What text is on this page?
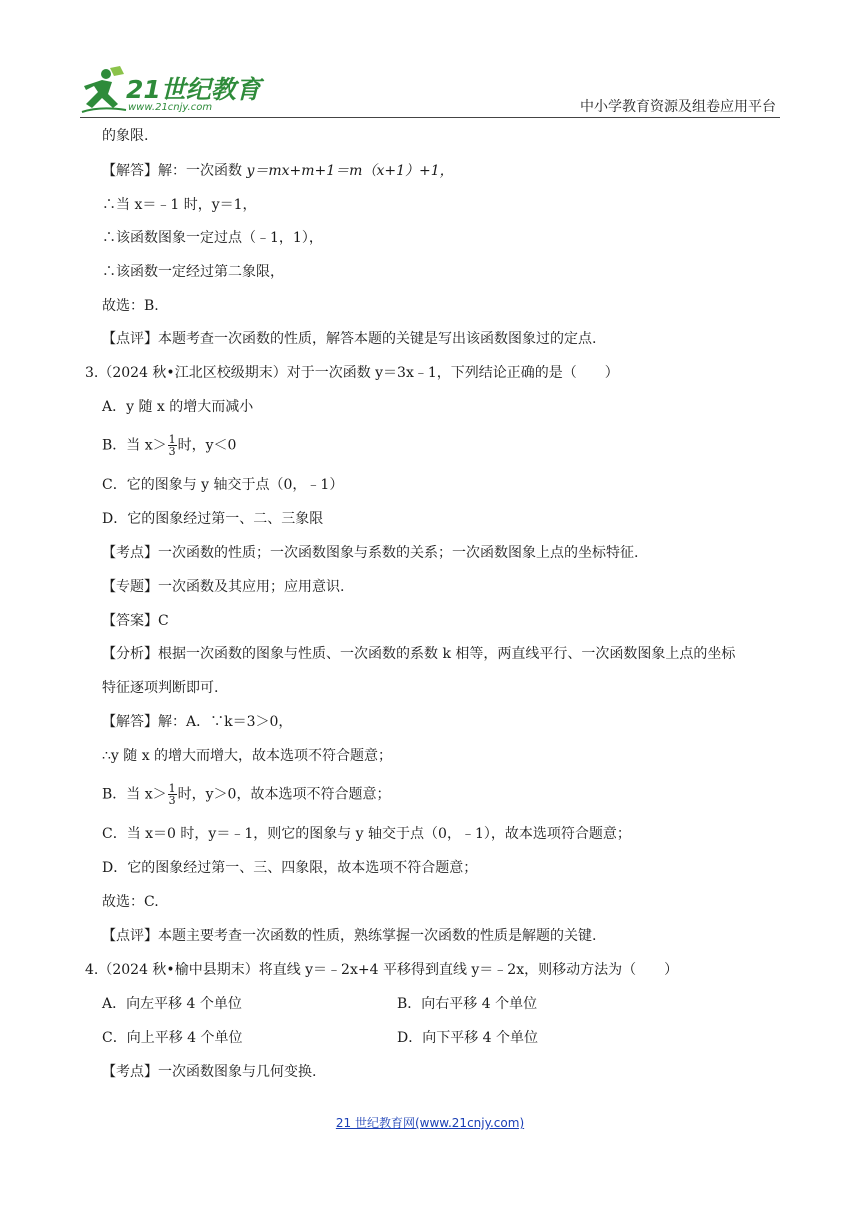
21世纪教育
www.21cnjy.com	中小学教育资源及组卷应用平台
的象限.
【解答】解：一次函数 y＝mx+m+1＝m（x+1）+1，
∴当 x＝﹣1 时，y＝1，
∴该函数图象一定过点（﹣1，1），
∴该函数一定经过第二象限，
故选：B.
【点评】本题考查一次函数的性质，解答本题的关键是写出该函数图象过的定点.
3.（2024 秋•江北区校级期末）对于一次函数 y＝3x﹣1，下列结论正确的是（　　）
A．y 随 x 的增大而减小
B．当 $x> \frac{1}{3}$ 时，y＜0
C．它的图象与 y 轴交于点（0，﹣1）
D．它的图象经过第一、二、三象限
【考点】一次函数的性质；一次函数图象与系数的关系；一次函数图象上点的坐标特征.
【专题】一次函数及其应用；应用意识.
【答案】C
【分析】根据一次函数的图象与性质、一次函数的系数 k 相等，两直线平行、一次函数图象上点的坐标
特征逐项判断即可.
【解答】解：A．∵k＝3＞0，
∴y 随 x 的增大而增大，故本选项不符合题意；
B．当 $x> \frac{1}{3}$ 时，y＞0，故本选项不符合题意；
C．当 x＝0 时，y＝﹣1，则它的图象与 y 轴交于点（0，﹣1），故本选项符合题意；
D．它的图象经过第一、三、四象限，故本选项不符合题意；
故选：C.
【点评】本题主要考查一次函数的性质，熟练掌握一次函数的性质是解题的关键.
4.（2024 秋•榆中县期末）将直线 y＝﹣2x+4 平移得到直线 y＝﹣2x，则移动方法为（　　）
A．向左平移 4 个单位	B．向右平移 4 个单位
C．向上平移 4 个单位	D．向下平移 4 个单位
【考点】一次函数图象与几何变换.
21 世纪教育网(www.21cnjy.com)
